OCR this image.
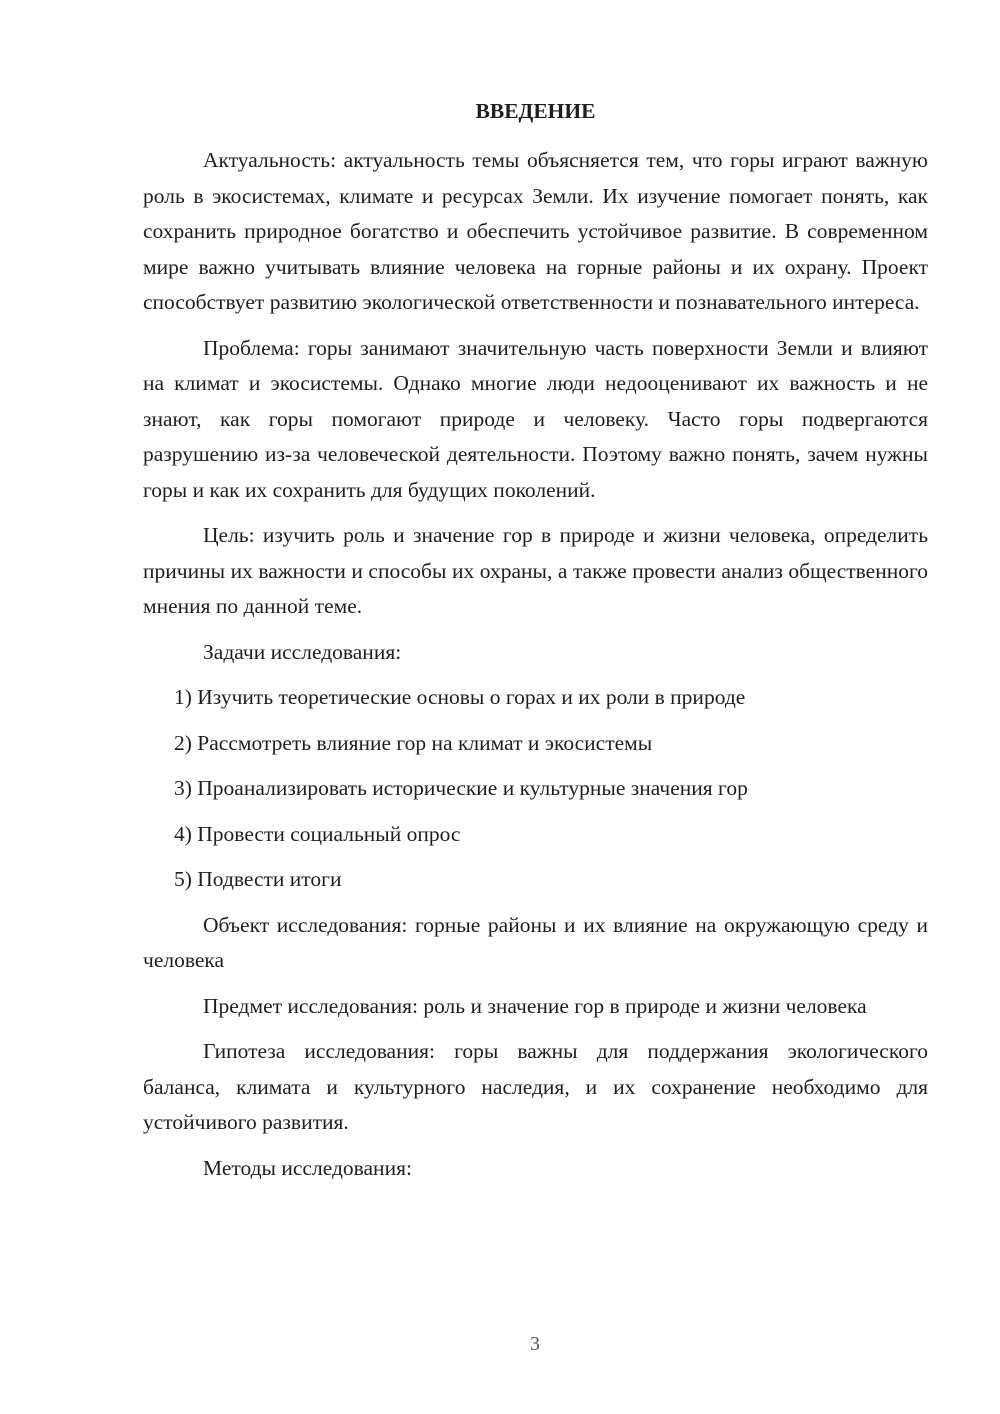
ВВЕДЕНИЕ

Актуальность: актуальность темы объясняется тем, что горы играют важную роль в экосистемах, климате и ресурсах Земли. Их изучение помогает понять, как сохранить природное богатство и обеспечить устойчивое развитие. В современном мире важно учитывать влияние человека на горные районы и их охрану. Проект способствует развитию экологической ответственности и познавательного интереса.

Проблема: горы занимают значительную часть поверхности Земли и влияют на климат и экосистемы. Однако многие люди недооценивают их важность и не знают, как горы помогают природе и человеку. Часто горы подвергаются разрушению из-за человеческой деятельности. Поэтому важно понять, зачем нужны горы и как их сохранить для будущих поколений.

Цель: изучить роль и значение гор в природе и жизни человека, определить причины их важности и способы их охраны, а также провести анализ общественного мнения по данной теме.

Задачи исследования:

1) Изучить теоретические основы о горах и их роли в природе

2) Рассмотреть влияние гор на климат и экосистемы

3) Проанализировать исторические и культурные значения гор

4) Провести социальный опрос

5) Подвести итоги

Объект исследования: горные районы и их влияние на окружающую среду и человека

Предмет исследования: роль и значение гор в природе и жизни человека

Гипотеза исследования: горы важны для поддержания экологического баланса, климата и культурного наследия, и их сохранение необходимо для устойчивого развития.

Методы исследования:

3
